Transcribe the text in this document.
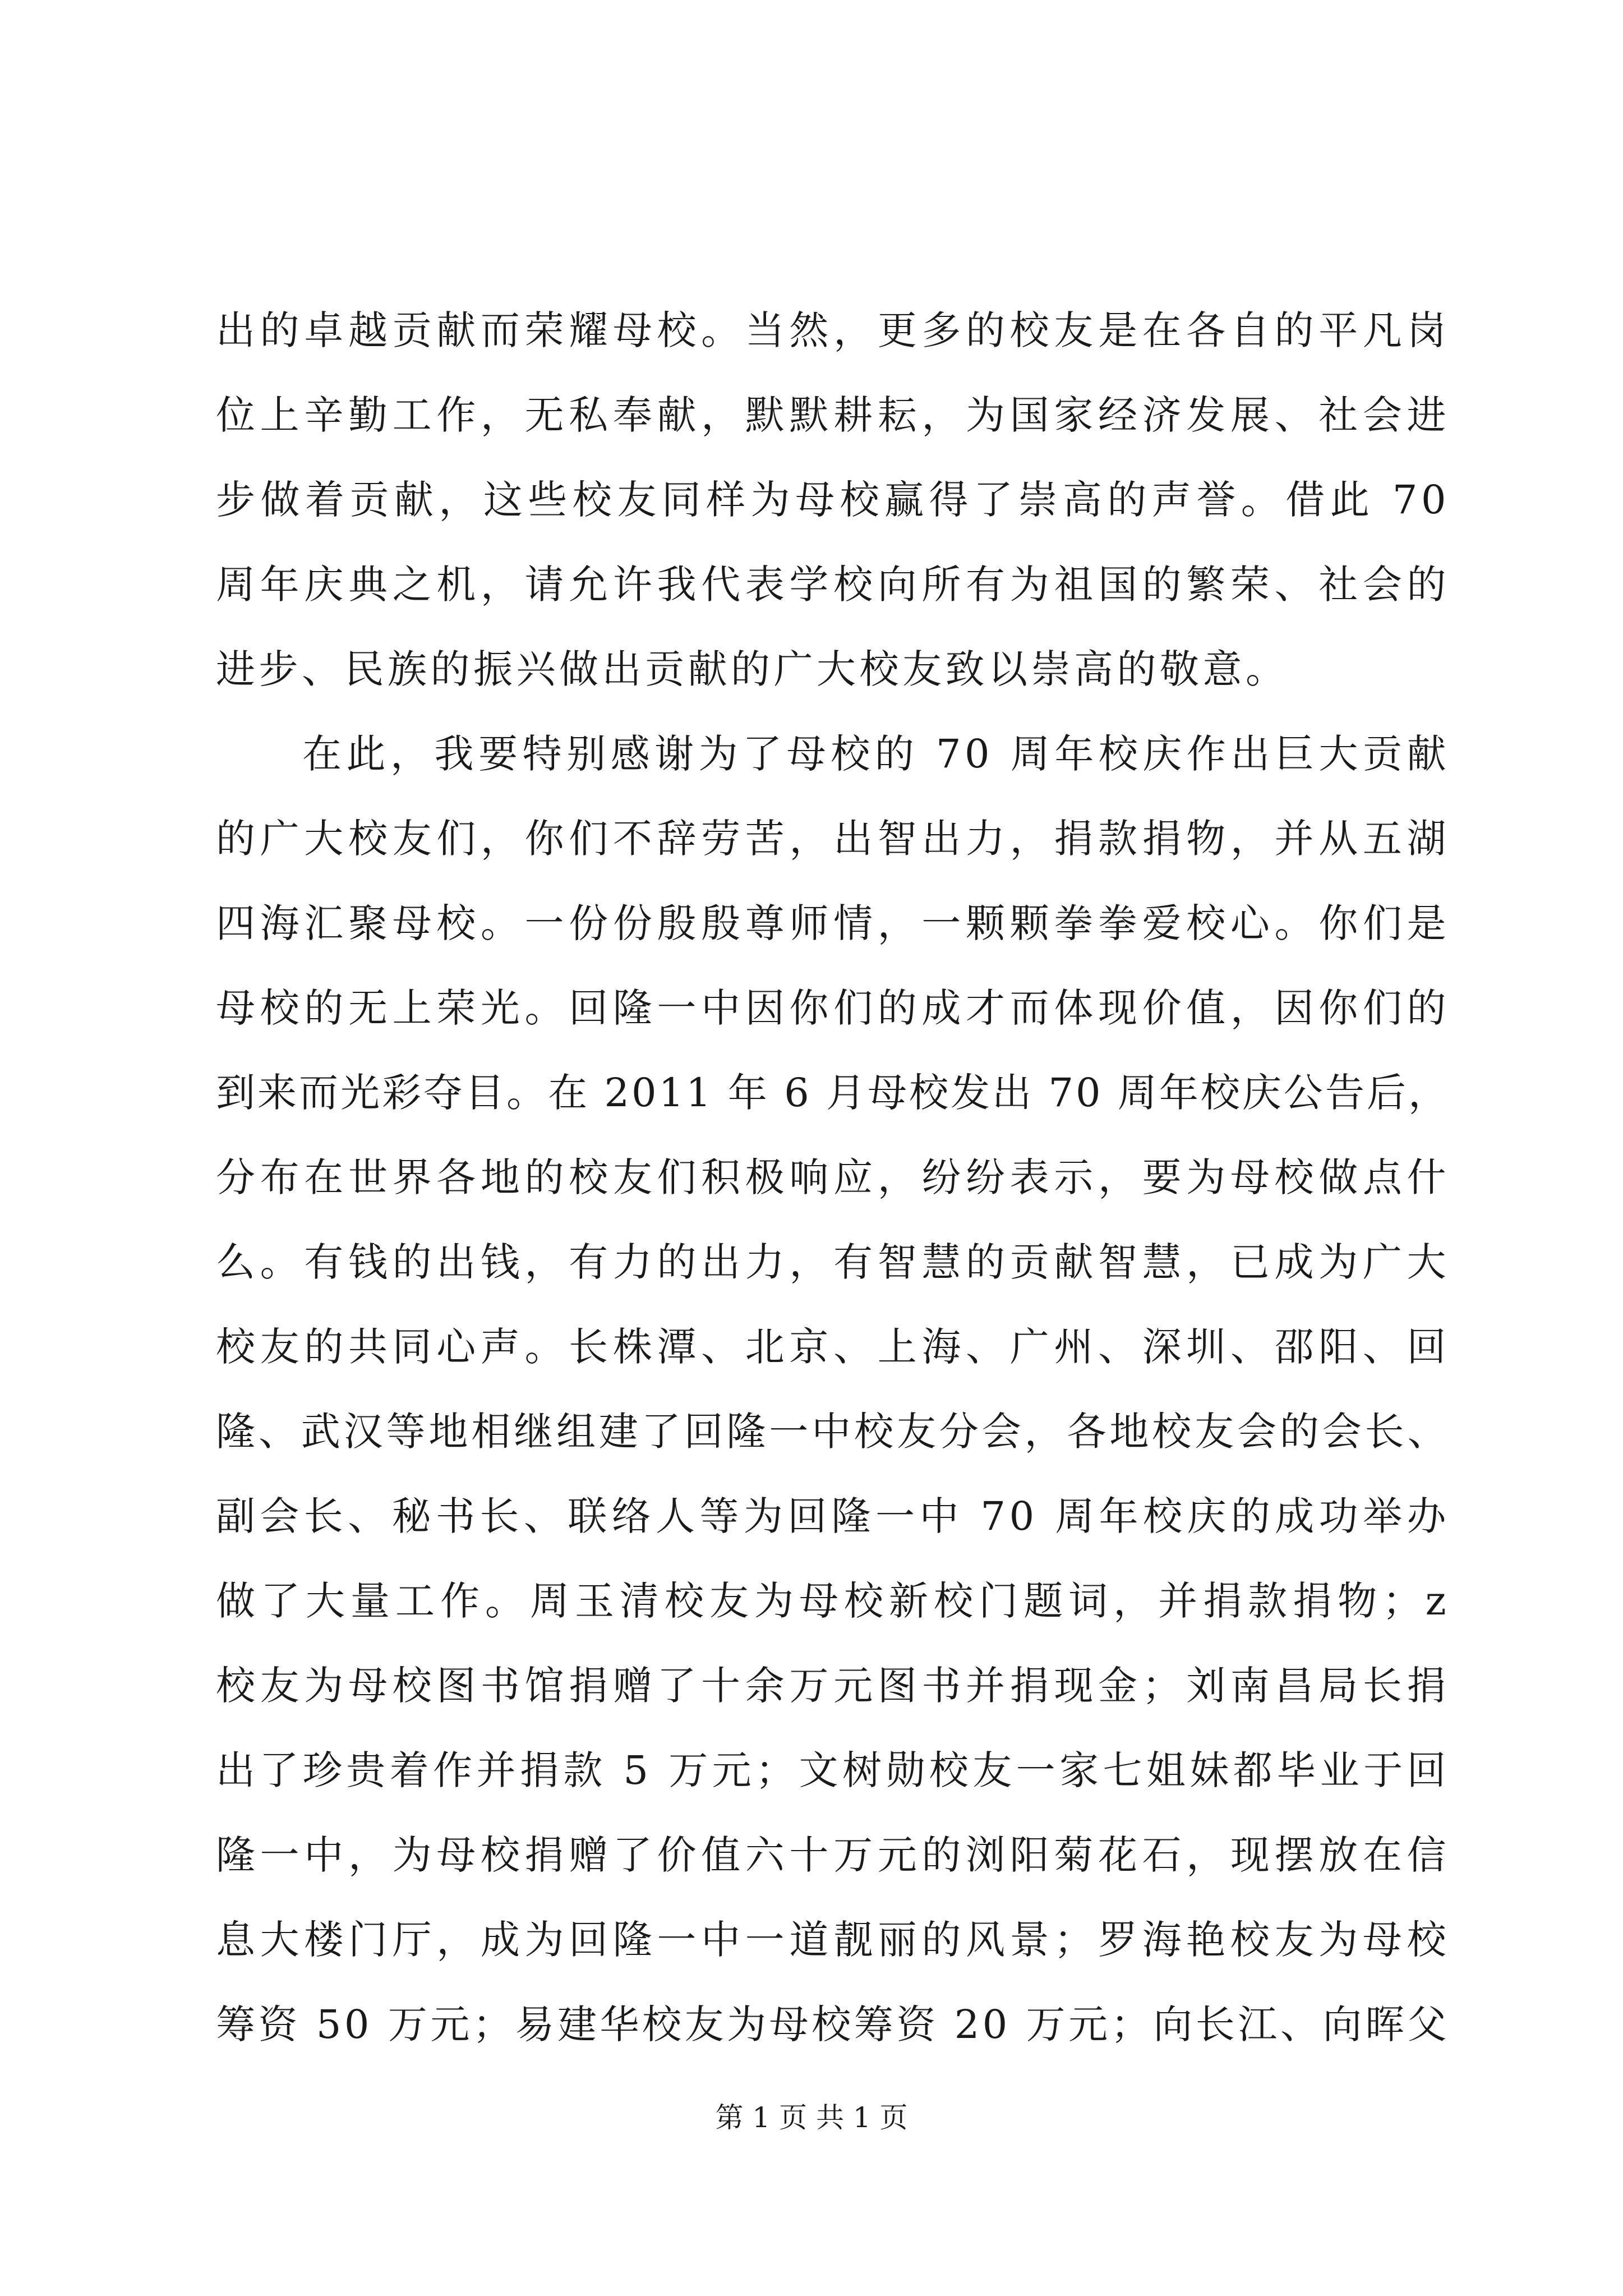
出的卓越贡献而荣耀母校。当然，更多的校友是在各自的平凡岗
位上辛勤工作，无私奉献，默默耕耘，为国家经济发展、社会进
步做着贡献，这些校友同样为母校赢得了崇高的声誉。借此 70
周年庆典之机，请允许我代表学校向所有为祖国的繁荣、社会的
进步、民族的振兴做出贡献的广大校友致以崇高的敬意。
在此，我要特别感谢为了母校的 70 周年校庆作出巨大贡献
的广大校友们，你们不辞劳苦，出智出力，捐款捐物，并从五湖
四海汇聚母校。一份份殷殷尊师情，一颗颗拳拳爱校心。你们是
母校的无上荣光。回隆一中因你们的成才而体现价值，因你们的
到来而光彩夺目。在 2011 年 6 月母校发出 70 周年校庆公告后，
分布在世界各地的校友们积极响应，纷纷表示，要为母校做点什
么。有钱的出钱，有力的出力，有智慧的贡献智慧，已成为广大
校友的共同心声。长株潭、北京、上海、广州、深圳、邵阳、回
隆、武汉等地相继组建了回隆一中校友分会，各地校友会的会长、
副会长、秘书长、联络人等为回隆一中 70 周年校庆的成功举办
做了大量工作。周玉清校友为母校新校门题词，并捐款捐物；z
校友为母校图书馆捐赠了十余万元图书并捐现金；刘南昌局长捐
出了珍贵着作并捐款 5 万元；文树勋校友一家七姐妹都毕业于回
隆一中，为母校捐赠了价值六十万元的浏阳菊花石，现摆放在信
息大楼门厅，成为回隆一中一道靓丽的风景；罗海艳校友为母校
筹资 50 万元；易建华校友为母校筹资 20 万元；向长江、向晖父
第 1 页 共 1 页
